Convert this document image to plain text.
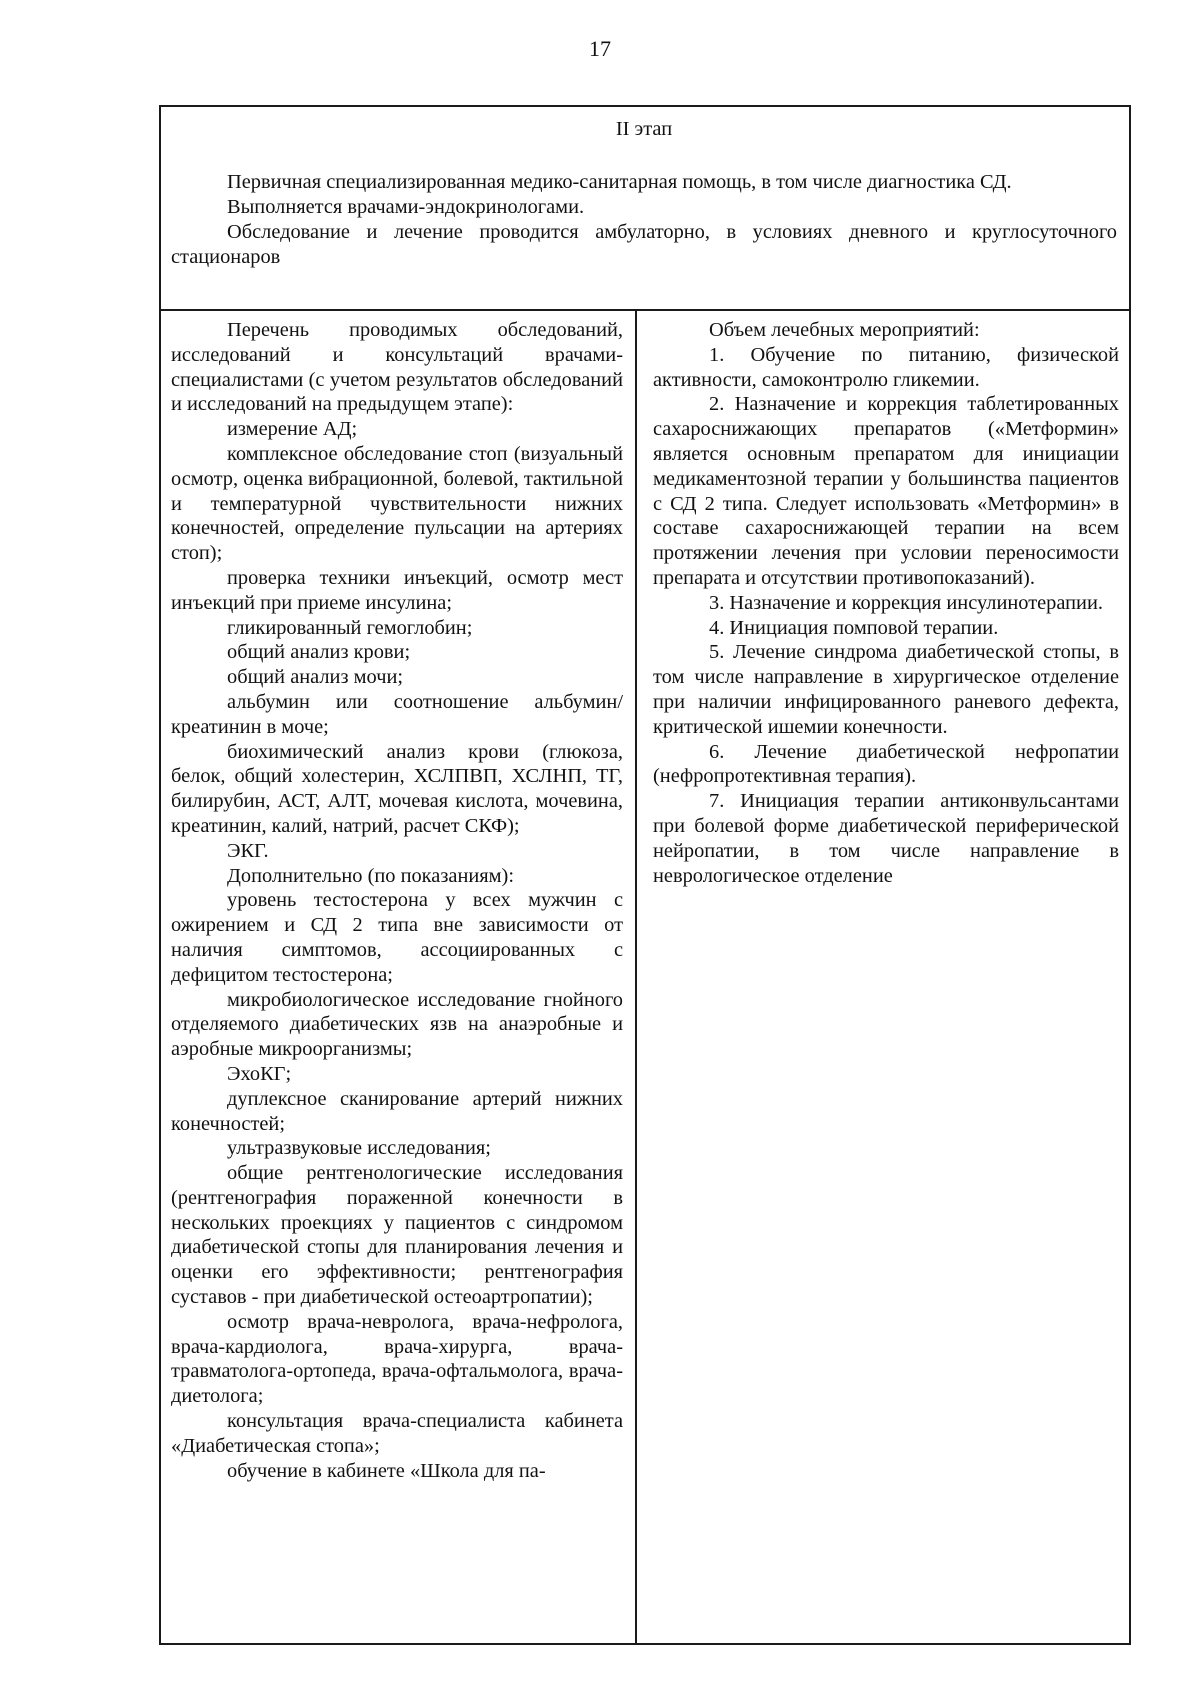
17
II этап

Первичная специализированная медико-санитарная помощь, в том числе диагностика СД.

Выполняется врачами-эндокринологами.

Обследование и лечение проводится амбулаторно, в условиях дневного и круглосуточного стационаров

Перечень проводимых обследований, исследований и консультаций врачами-специалистами (с учетом результатов обследований и исследований на предыдущем этапе):

измерение АД;

комплексное обследование стоп (визуальный осмотр, оценка вибрационной, болевой, тактильной и температурной чувствительности нижних конечностей, определение пульсации на артериях стоп);

проверка техники инъекций, осмотр мест инъекций при приеме инсулина;

гликированный гемоглобин;

общий анализ крови;

общий анализ мочи;

альбумин или соотношение альбумин/креатинин в моче;

биохимический анализ крови (глюкоза, белок, общий холестерин, ХСЛПВП, ХСЛНП, ТГ, билирубин, АСТ, АЛТ, мочевая кислота, мочевина, креатинин, калий, натрий, расчет СКФ);

ЭКГ.

Дополнительно (по показаниям):

уровень тестостерона у всех мужчин с ожирением и СД 2 типа вне зависимости от наличия симптомов, ассоциированных с дефицитом тестостерона;

микробиологическое исследование гнойного отделяемого диабетических язв на анаэробные и аэробные микроорганизмы;

ЭхоКГ;

дуплексное сканирование артерий нижних конечностей;

ультразвуковые исследования;

общие рентгенологические исследования (рентгенография пораженной конечности в нескольких проекциях у пациентов с синдромом диабетической стопы для планирования лечения и оценки его эффективности; рентгенография суставов - при диабетической остеоартропатии);

осмотр врача-невролога, врача-нефролога, врача-кардиолога, врача-хирурга, врача-травматолога-ортопеда, врача-офтальмолога, врача-диетолога;

консультация врача-специалиста кабинета «Диабетическая стопа»;

обучение в кабинете «Школа для па-

Объем лечебных мероприятий:

1. Обучение по питанию, физической активности, самоконтролю гликемии.

2. Назначение и коррекция таблетированных сахароснижающих препаратов («Метформин» является основным препаратом для инициации медикаментозной терапии у большинства пациентов с СД 2 типа. Следует использовать «Метформин» в составе сахароснижающей терапии на всем протяжении лечения при условии переносимости препарата и отсутствии противопоказаний).

3. Назначение и коррекция инсулинотерапии.

4. Инициация помповой терапии.

5. Лечение синдрома диабетической стопы, в том числе направление в хирургическое отделение при наличии инфицированного раневого дефекта, критической ишемии конечности.

6. Лечение диабетической нефропатии (нефропротективная терапия).

7. Инициация терапии антиконвульсантами при болевой форме диабетической периферической нейропатии, в том числе направление в неврологическое отделение
